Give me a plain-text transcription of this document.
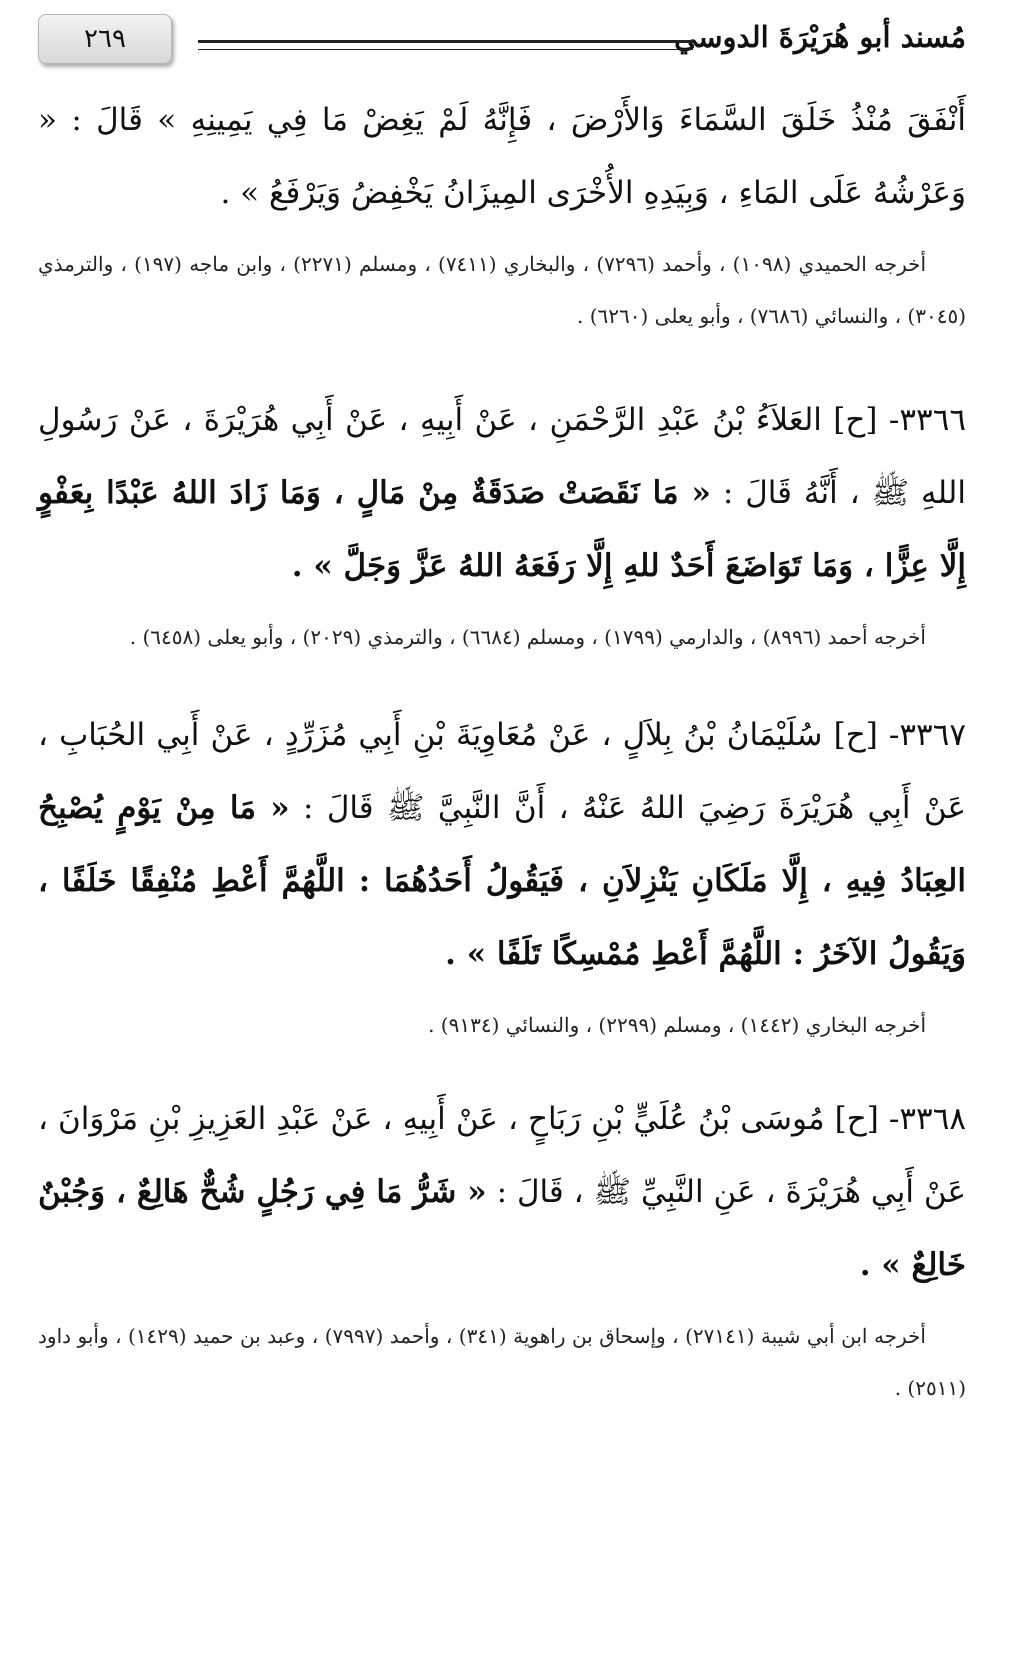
مُسند أبو هُرَيْرَةَ الدوسي
٢٦٩

أَنْفَقَ مُنْذُ خَلَقَ السَّمَاءَ وَالأَرْضَ ، فَإِنَّهُ لَمْ يَغِضْ مَا فِي يَمِينِهِ » قَالَ : « وَعَرْشُهُ عَلَى المَاءِ ، وَبِيَدِهِ الأُخْرَى المِيزَانُ يَخْفِضُ وَيَرْفَعُ » .

أخرجه الحميدي (١٠٩٨) ، وأحمد (٧٢٩٦) ، والبخاري (٧٤١١) ، ومسلم (٢٢٧١) ، وابن ماجه (١٩٧) ، والترمذي (٣٠٤٥) ، والنسائي (٧٦٨٦) ، وأبو يعلى (٦٢٦٠) .

٣٣٦٦- [ح] العَلاَءُ بْنُ عَبْدِ الرَّحْمَنِ ، عَنْ أَبِيهِ ، عَنْ أَبِي هُرَيْرَةَ ، عَنْ رَسُولِ اللهِ ﷺ ، أَنَّهُ قَالَ : « مَا نَقَصَتْ صَدَقَةٌ مِنْ مَالٍ ، وَمَا زَادَ اللهُ عَبْدًا بِعَفْوٍ إِلَّا عِزًّا ، وَمَا تَوَاضَعَ أَحَدٌ للهِ إِلَّا رَفَعَهُ اللهُ عَزَّ وَجَلَّ » .

أخرجه أحمد (٨٩٩٦) ، والدارمي (١٧٩٩) ، ومسلم (٦٦٨٤) ، والترمذي (٢٠٢٩) ، وأبو يعلى (٦٤٥٨) .

٣٣٦٧- [ح] سُلَيْمَانُ بْنُ بِلاَلٍ ، عَنْ مُعَاوِيَةَ بْنِ أَبِي مُزَرِّدٍ ، عَنْ أَبِي الحُبَابِ ، عَنْ أَبِي هُرَيْرَةَ رَضِيَ اللهُ عَنْهُ ، أَنَّ النَّبِيَّ ﷺ قَالَ : « مَا مِنْ يَوْمٍ يُصْبِحُ العِبَادُ فِيهِ ، إِلَّا مَلَكَانِ يَنْزِلاَنِ ، فَيَقُولُ أَحَدُهُمَا : اللَّهُمَّ أَعْطِ مُنْفِقًا خَلَفًا ، وَيَقُولُ الآخَرُ : اللَّهُمَّ أَعْطِ مُمْسِكًا تَلَفًا » .

أخرجه البخاري (١٤٤٢) ، ومسلم (٢٢٩٩) ، والنسائي (٩١٣٤) .

٣٣٦٨- [ح] مُوسَى بْنُ عُلَيٍّ بْنِ رَبَاحٍ ، عَنْ أَبِيهِ ، عَنْ عَبْدِ العَزِيزِ بْنِ مَرْوَانَ ، عَنْ أَبِي هُرَيْرَةَ ، عَنِ النَّبِيِّ ﷺ ، قَالَ : « شَرُّ مَا فِي رَجُلٍ شُحٌّ هَالِعٌ ، وَجُبْنٌ خَالِعٌ » .

أخرجه ابن أبي شيبة (٢٧١٤١) ، وإسحاق بن راهوية (٣٤١) ، وأحمد (٧٩٩٧) ، وعبد بن حميد (١٤٢٩) ، وأبو داود (٢٥١١) .
